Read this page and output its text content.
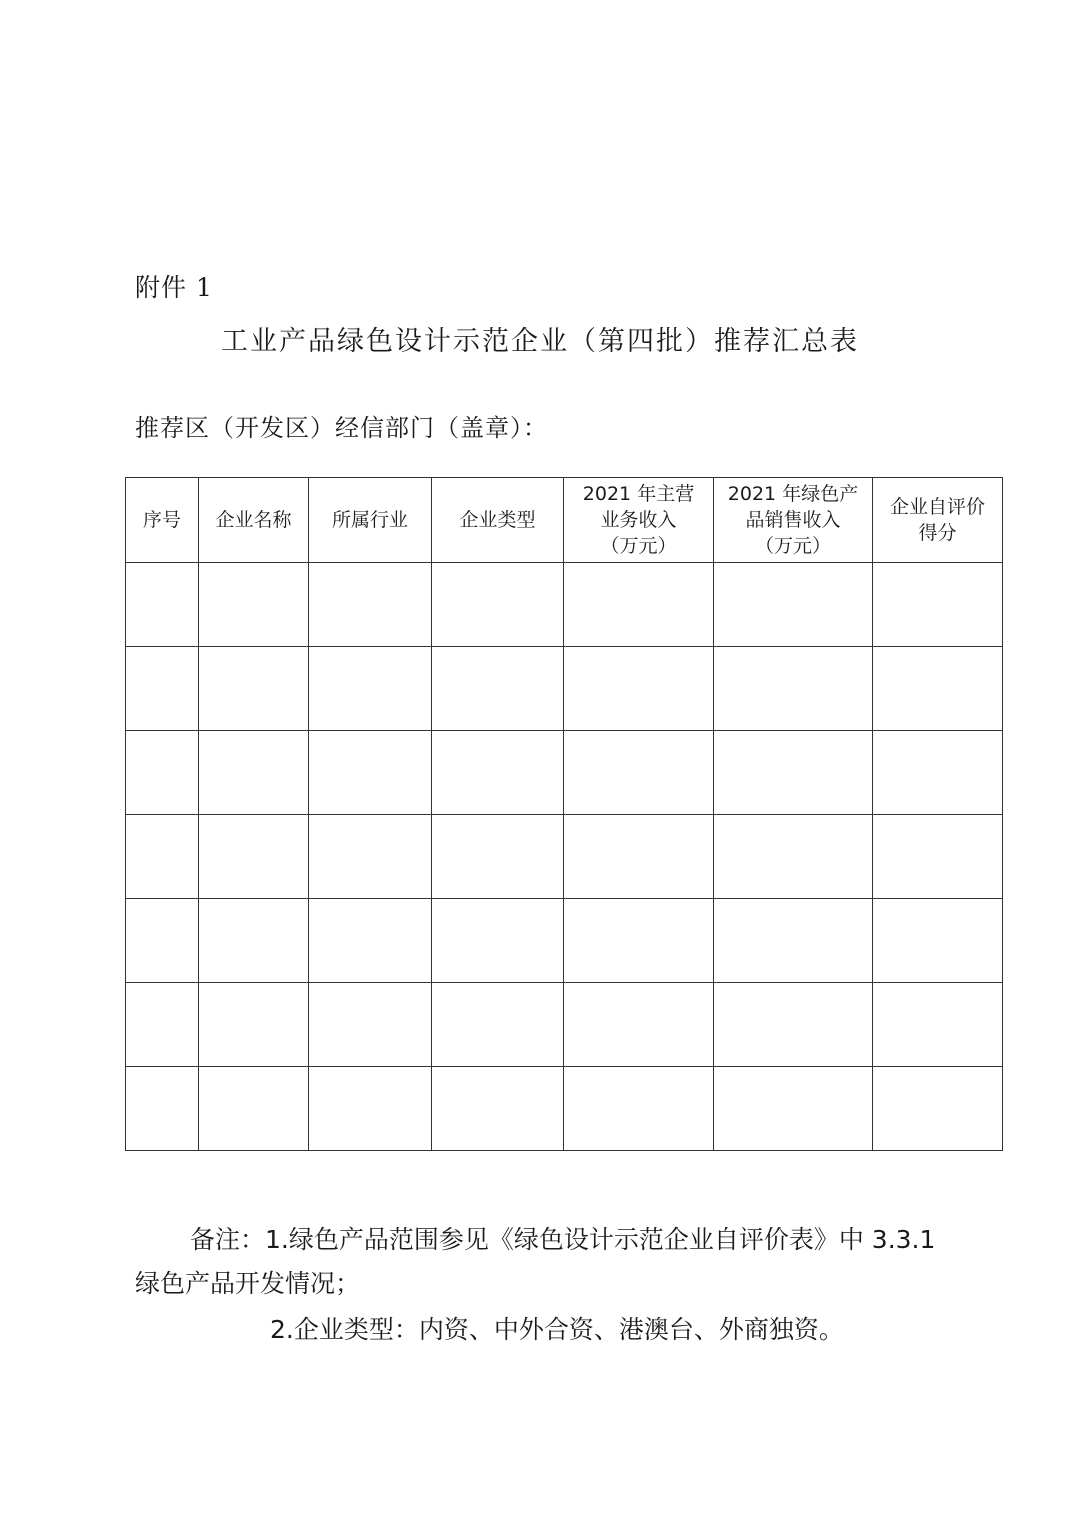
附件 1
工业产品绿色设计示范企业（第四批）推荐汇总表
推荐区（开发区）经信部门（盖章）：
序号	企业名称	所属行业	企业类型	2021 年主营
业务收入
（万元）	2021 年绿色产
品销售收入
（万元）	企业自评价
得分

备注：1.绿色产品范围参见《绿色设计示范企业自评价表》中 3.3.1 绿色产品开发情况；
2.企业类型：内资、中外合资、港澳台、外商独资。
